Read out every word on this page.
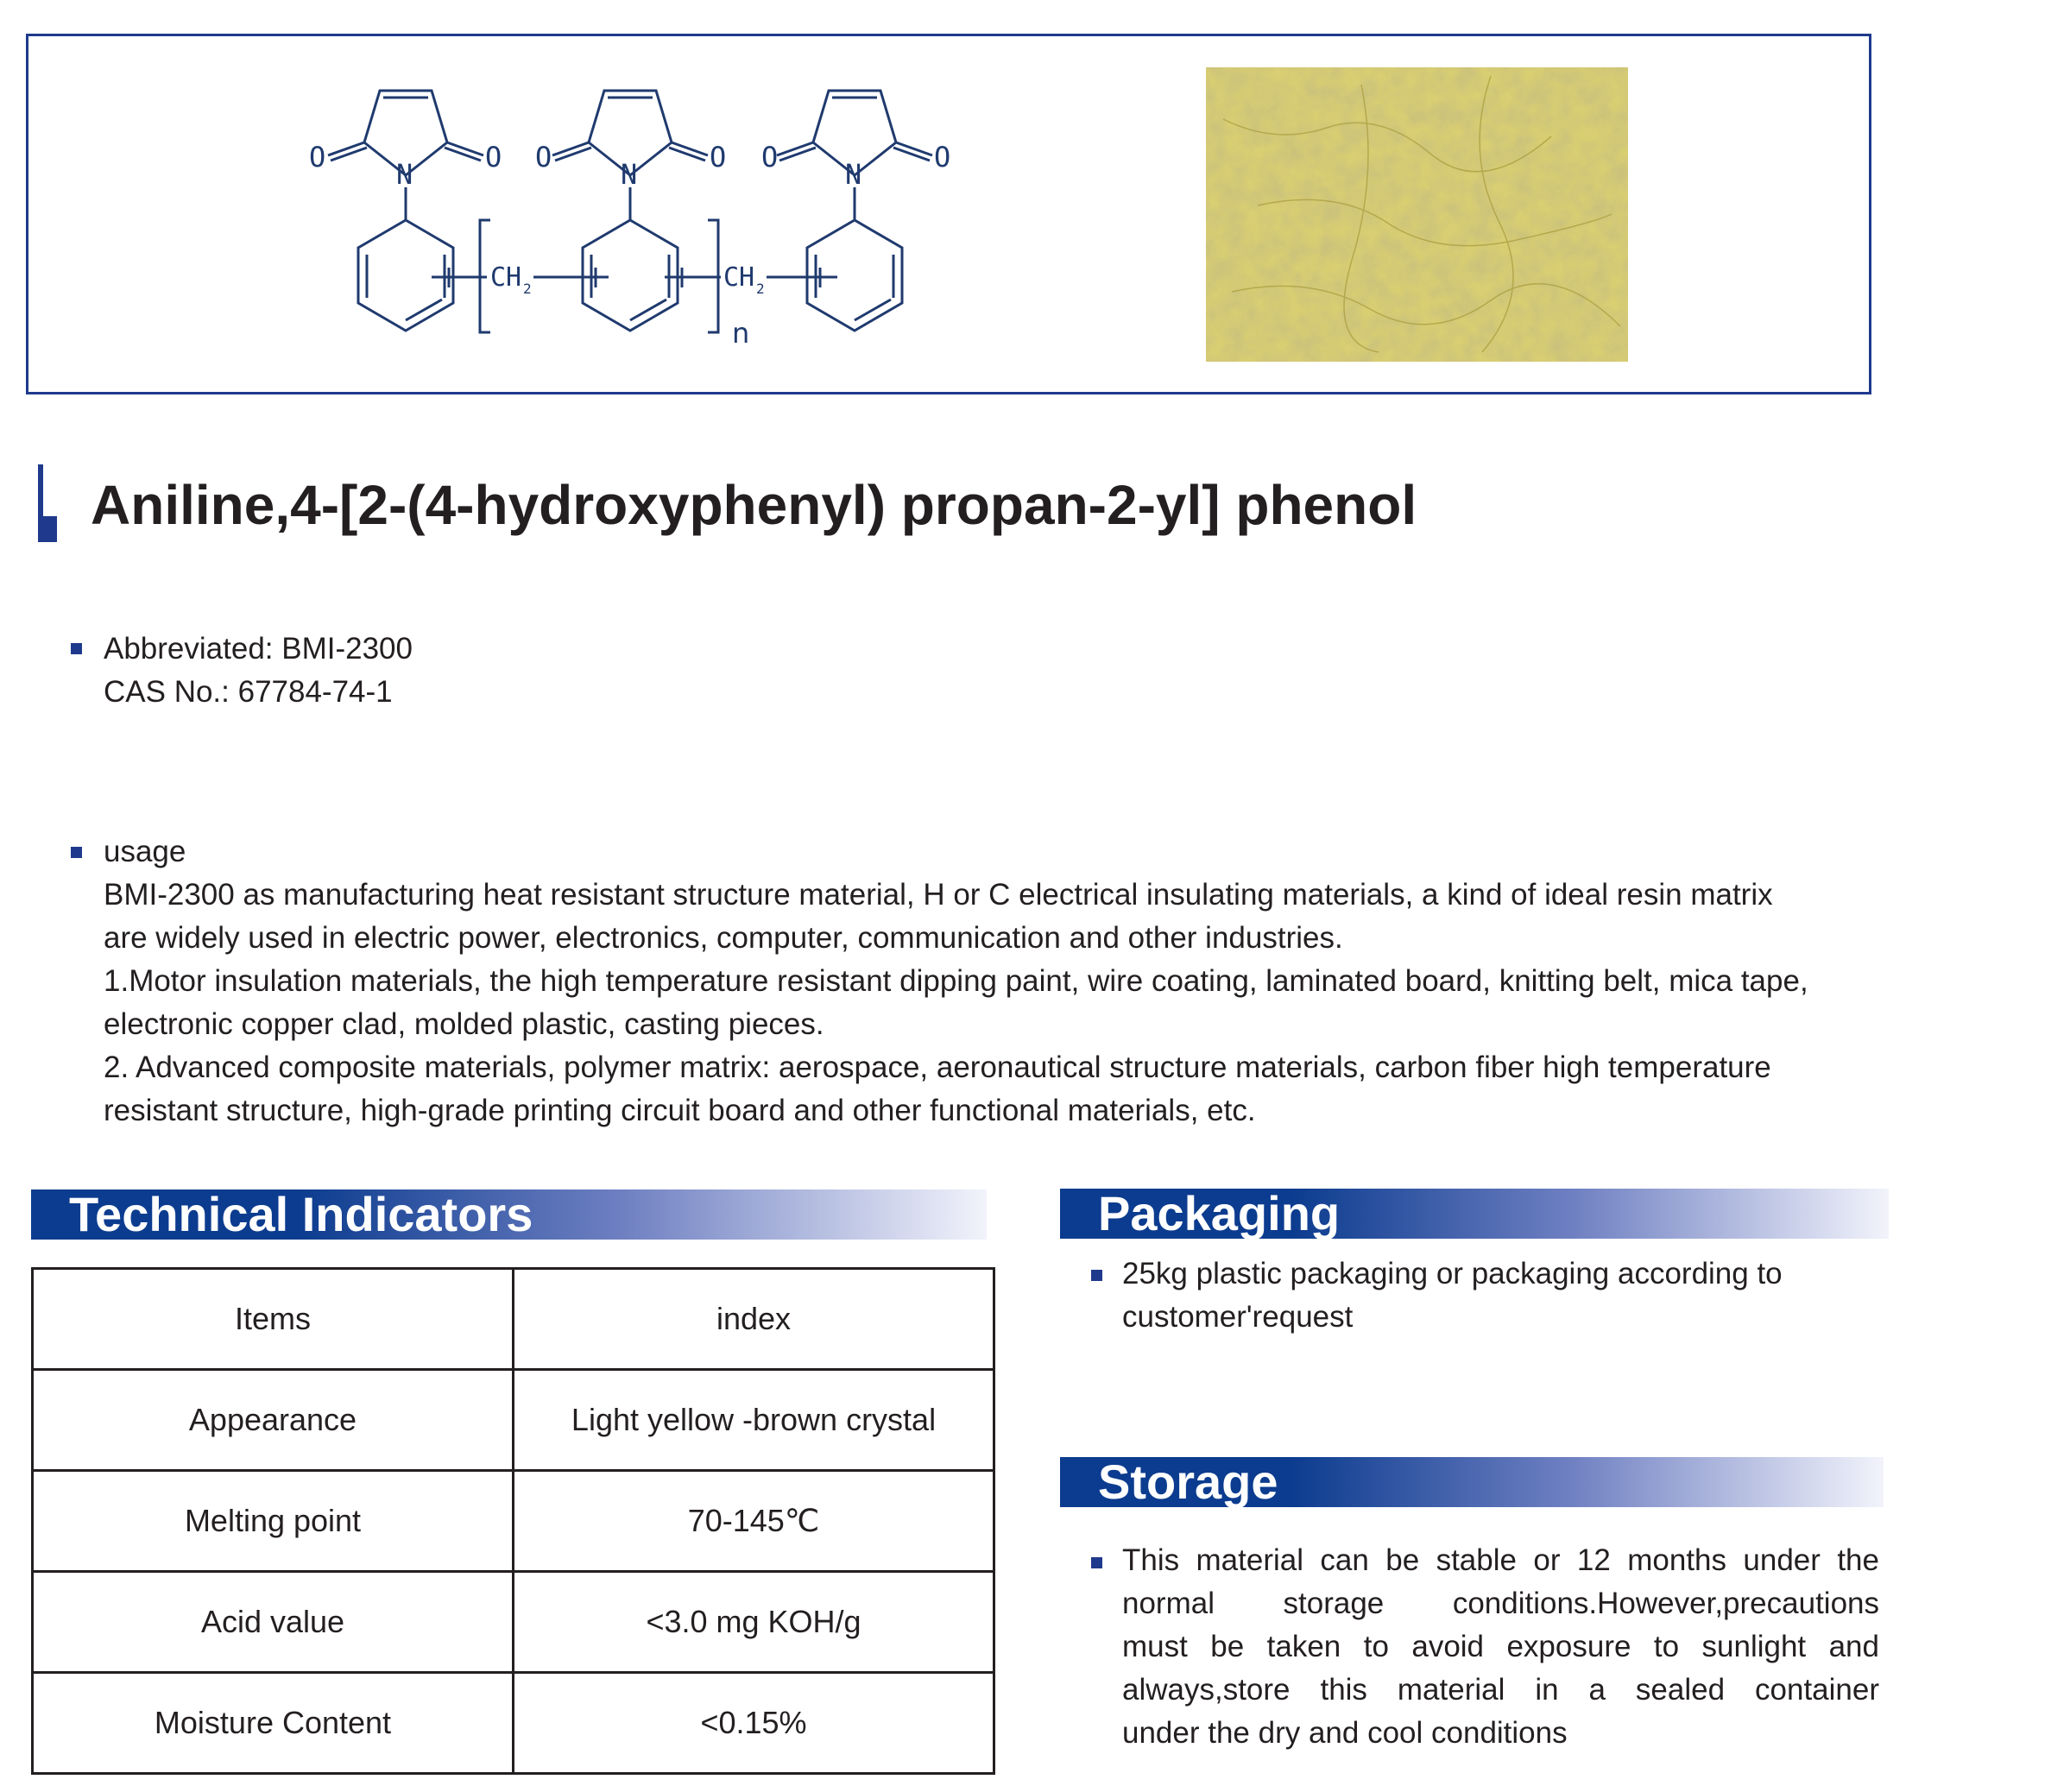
O	O
N
O	O
N
O	O
N
CH 2	CH 2
n
Aniline,4-[2-(4-hydroxyphenyl) propan-2-yl] phenol
Abbreviated: BMI-2300
CAS No.: 67784-74-1
usage
BMI-2300 as manufacturing heat resistant structure material, H or C electrical insulating materials, a kind of ideal resin matrix
are widely used in electric power, electronics, computer, communication and other industries.
1.Motor insulation materials, the high temperature resistant dipping paint, wire coating, laminated board, knitting belt, mica tape,
electronic copper clad, molded plastic, casting pieces.
2. Advanced composite materials, polymer matrix: aerospace, aeronautical structure materials, carbon fiber high temperature
resistant structure, high-grade printing circuit board and other functional materials, etc.
Technical Indicators
Items	index
Appearance	Light yellow -brown crystal
Melting point	70-145℃
Acid value	<3.0 mg KOH/g
Moisture Content	<0.15%
Packaging
25kg plastic packaging or packaging according to
customer'request
Storage
This material can be stable or 12 months under the
normal storage conditions.However,precautions
must be taken to avoid exposure to sunlight and
always,store this material in a sealed container
under the dry and cool conditions
